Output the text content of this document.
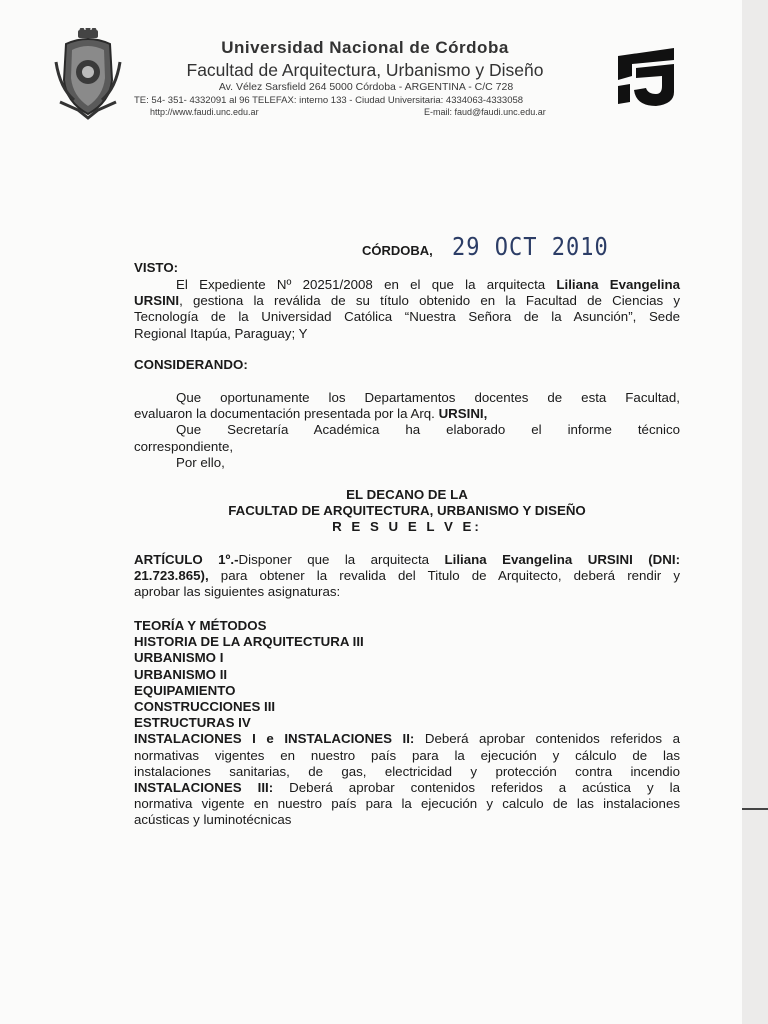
Universidad Nacional de Córdoba
Facultad de Arquitectura, Urbanismo y Diseño
Av. Vélez Sarsfield 264 5000 Córdoba - ARGENTINA - C/C 728
TE: 54- 351- 4332091 al 96 TELEFAX: interno 133 - Ciudad Universitaria: 4334063-4333058
http://www.faudi.unc.edu.ar	E-mail: faud@faudi.unc.edu.ar
CÓRDOBA, 29 OCT 2010
VISTO:
El Expediente Nº 20251/2008 en el que la arquitecta Liliana Evangelina
URSINI, gestiona la reválida de su título obtenido en la Facultad de Ciencias y
Tecnología de la Universidad Católica “Nuestra Señora de la Asunción”, Sede
Regional Itapúa, Paraguay; Y
CONSIDERANDO:
Que oportunamente los Departamentos docentes de esta Facultad,
evaluaron la documentación presentada por la Arq. URSINI,
Que Secretaría Académica ha elaborado el informe técnico
correspondiente,
Por ello,
EL DECANO DE LA
FACULTAD DE ARQUITECTURA, URBANISMO Y DISEÑO
R E S U E L V E:
ARTÍCULO 1º.-Disponer que la arquitecta Liliana Evangelina URSINI (DNI:
21.723.865), para obtener la revalida del Titulo de Arquitecto, deberá rendir y
aprobar las siguientes asignaturas:
TEORÍA Y MÉTODOS
HISTORIA DE LA ARQUITECTURA III
URBANISMO I
URBANISMO II
EQUIPAMIENTO
CONSTRUCCIONES III
ESTRUCTURAS IV
INSTALACIONES I e INSTALACIONES II: Deberá aprobar contenidos referidos a
normativas vigentes en nuestro país para la ejecución y cálculo de las
instalaciones sanitarias, de gas, electricidad y protección contra incendio
INSTALACIONES III: Deberá aprobar contenidos referidos a acústica y la
normativa vigente en nuestro país para la ejecución y calculo de las instalaciones
acústicas y luminotécnicas
